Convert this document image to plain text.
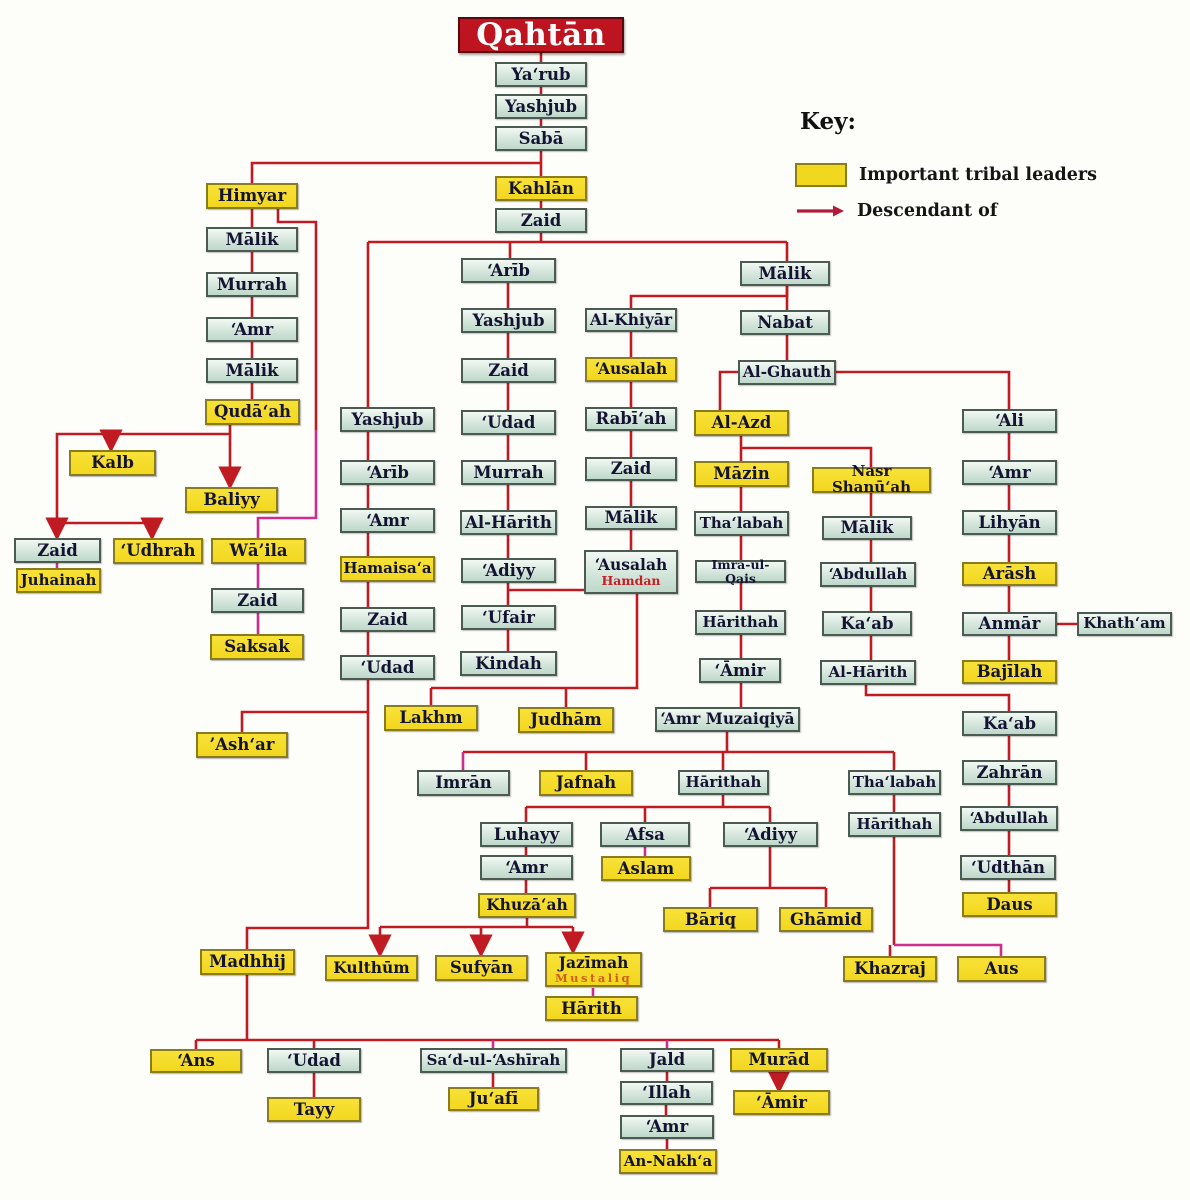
Qahtān
Ya‘rub
Yashjub
Sabā
Kahlān
Zaid
Himyar
Mālik
Murrah
‘Amr
Mālik
Qudā‘ah
Kalb
Baliyy
Zaid	‘Udhrah Wā’ila
Juhainah
Zaid
Saksak
Yashjub
‘Arīb
‘Amr
Hamaisa‘a
Zaid
‘Udad
’Ash‘ar
‘Arīb
Yashjub
Zaid
‘Udad
Murrah
Al-Hārith
‘Adiyy
‘Ufair
Kindah
Lakhm	Judhām
Al-Khiyār
‘Ausalah
Rabī‘ah
Zaid
Mālik
‘Ausalah
Hamdan
Mālik
Nabat
Al-Ghauth
Al-Azd
Māzin
Tha‘labah
Imra-ul-Qais
Hārithah
‘Āmir
‘Amr Muzaiqiyā
Nasr Shanū‘ah
Mālik
‘Abdullah
Ka‘ab
Al-Hārith
‘Ali
‘Amr
Lihyān
Arāsh
Anmār	Khath‘am
Bajīlah
Ka‘ab
Zahrān
‘Abdullah
‘Udthān
Daus
Imrān	Jafnah	Hārithah	Tha‘labah
Hārithah
Luhayy	Afsa	‘Adiyy
‘Amr	Aslam
Khuzā‘ah
Bāriq	Ghāmid
Khazraj	Aus
Madhhij	Kulthūm Sufyān	Jazīmah
Mustaliq
Hārith
‘Ans	‘Udad
Tayy
Sa‘d-ul-‘Ashīrah
Ju‘afī
Jald
‘Illah
‘Amr
An-Nakh‘a
Murād
‘Āmir
Key:
Important tribal leaders
Descendant of
